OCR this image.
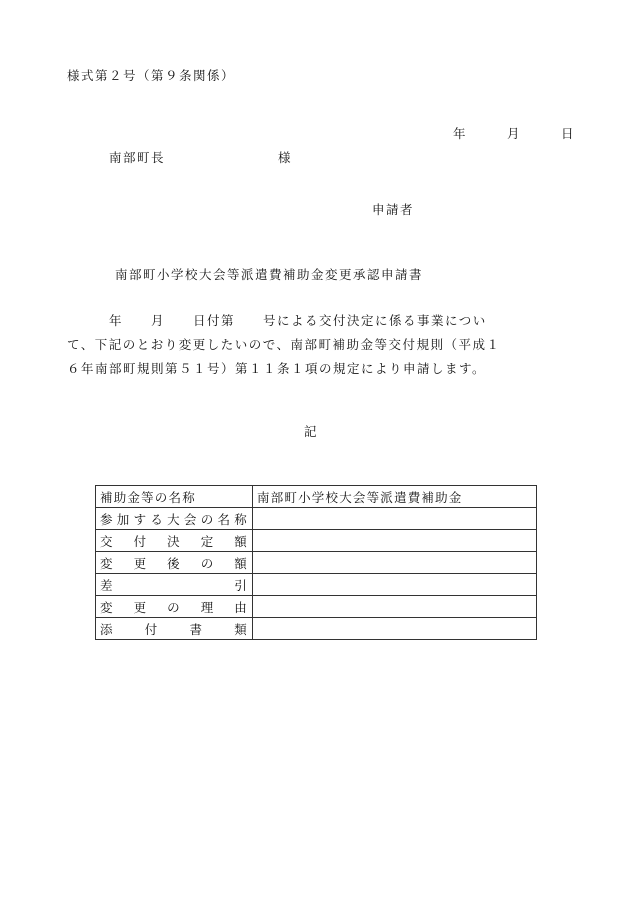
様式第２号（第９条関係）

年	月	日

南部町長	様

申請者
南部町小学校大会等派遣費補助金変更承認申請書
　　　年　　月　　日付第　　号による交付決定に係る事業につい
て、下記のとおり変更したいので、南部町補助金等交付規則（平成１
６年南部町規則第５１号）第１１条１項の規定により申請します。
記
補助金等の名称	南部町小学校大会等派遣費補助金
参加する大会の名称	
交付決定額	
変更後の額	
差引	
変更の理由	
添付書類	
